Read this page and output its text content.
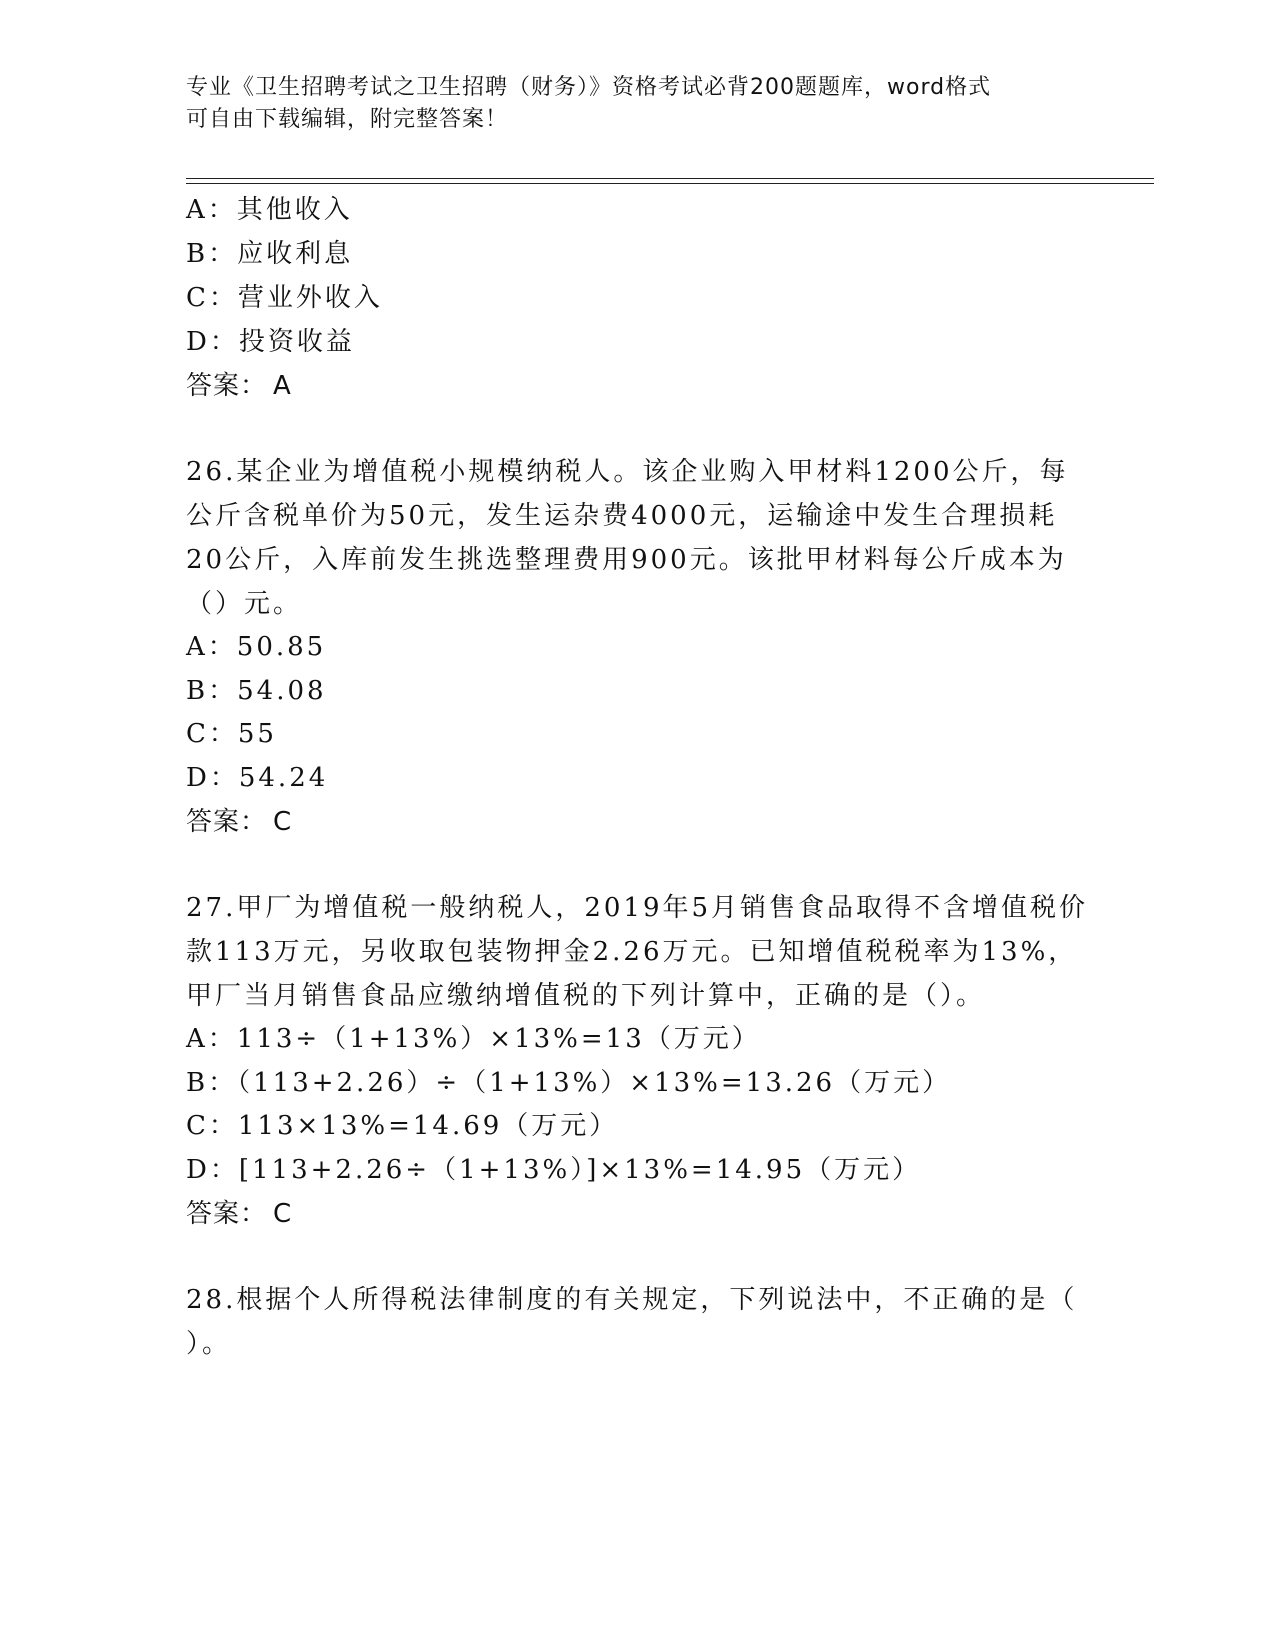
专业《卫生招聘考试之卫生招聘（财务）》资格考试必背200题题库，word格式
可自由下载编辑，附完整答案！
A：其他收入
B：应收利息
C：营业外收入
D：投资收益
答案： A
26.某企业为增值税小规模纳税人。该企业购入甲材料1200公斤，每
公斤含税单价为50元，发生运杂费4000元，运输途中发生合理损耗
20公斤，入库前发生挑选整理费用900元。该批甲材料每公斤成本为
（）元。
A：50.85
B：54.08
C：55
D：54.24
答案： C
27.甲厂为增值税一般纳税人，2019年5月销售食品取得不含增值税价
款113万元，另收取包装物押金2.26万元。已知增值税税率为13%，
甲厂当月销售食品应缴纳增值税的下列计算中，正确的是（）。
A：113÷（1+13%）×13%=13（万元）
B：（113+2.26）÷（1+13%）×13%=13.26（万元）
C：113×13%=14.69（万元）
D：[113+2.26÷（1+13%）]×13%=14.95（万元）
答案： C
28.根据个人所得税法律制度的有关规定，下列说法中，不正确的是（
）。
